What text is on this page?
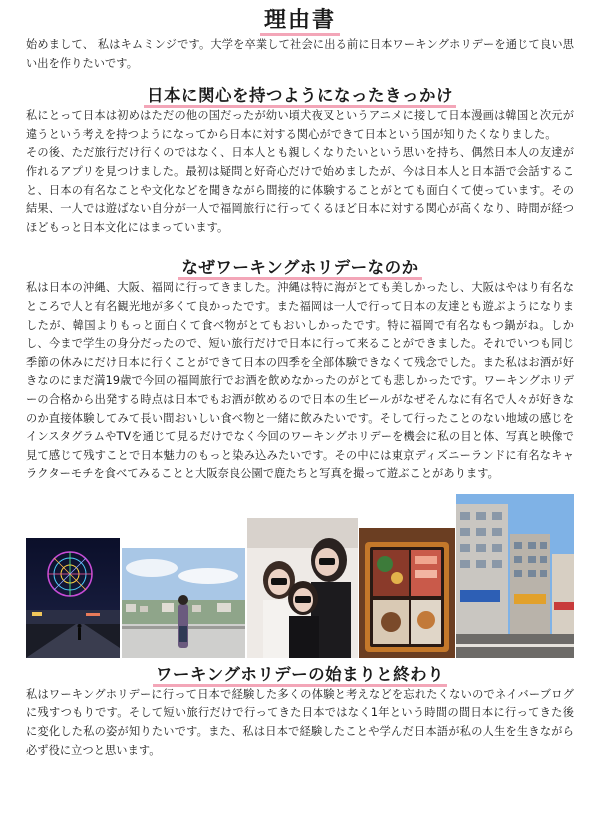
理由書

始めまして、 私はキムミンジです。大学を卒業して社会に出る前に日本ワーキングホリデーを通じて良い思い出を作りたいです。

日本に関心を持つようになったきっかけ

私にとって日本は初めはただの他の国だったが幼い頃犬夜叉というアニメに接して日本漫画は韓国と次元が違うという考えを持つようになってから日本に対する関心ができて日本という国が知りたくなりました。

その後、ただ旅行だけ行くのではなく、日本人とも親しくなりたいという思いを持ち、偶然日本人の友達が作れるアプリを見つけました。最初は疑問と好奇心だけで始めましたが、今は日本人と日本語で会話すること、日本の有名なことや文化などを聞きながら間接的に体験することがとても面白くて使っています。その結果、一人では遊ばない自分が一人で福岡旅行に行ってくるほど日本に対する関心が高くなり、時間が経つほどもっと日本文化にはまっています。

なぜワーキングホリデーなのか

私は日本の沖縄、大阪、福岡に行ってきました。沖縄は特に海がとても美しかったし、大阪はやはり有名なところで人と有名観光地が多くて良かったです。また福岡は一人で行って日本の友達とも遊ぶようになりましたが、韓国よりもっと面白くて食べ物がとてもおいしかったです。特に福岡で有名なもつ鍋がね。しかし、今まで学生の身分だったので、短い旅行だけで日本に行って来ることができました。それでいつも同じ季節の休みにだけ日本に行くことができて日本の四季を全部体験できなくて残念でした。また私はお酒が好きなのにまだ満19歳で今回の福岡旅行でお酒を飲めなかったのがとても悲しかったです。ワーキングホリデーの合格から出発する時点は日本でもお酒が飲めるので日本の生ビールがなぜそんなに有名で人々が好きなのか直接体験してみて長い間おいしい食べ物と一緒に飲みたいです。そして行ったことのない地域の感じをインスタグラムやTVを通じて見るだけでなく今回のワーキングホリデーを機会に私の目と体、写真と映像で見て感じて残すことで日本魅力のもっと染み込みたいです。その中には東京ディズニーランドに有名なキャラクターモチを食べてみることと大阪奈良公園で鹿たちと写真を撮って遊ぶことがあります。

ワーキングホリデーの始まりと終わり

私はワーキングホリデーに行って日本で経験した多くの体験と考えなどを忘れたくないのでネイバーブログに残すつもりです。そして短い旅行だけで行ってきた日本ではなく1年という時間の間日本に行ってきた後に変化した私の姿が知りたいです。また、私は日本で経験したことや学んだ日本語が私の人生を生きながら必ず役に立つと思います。
